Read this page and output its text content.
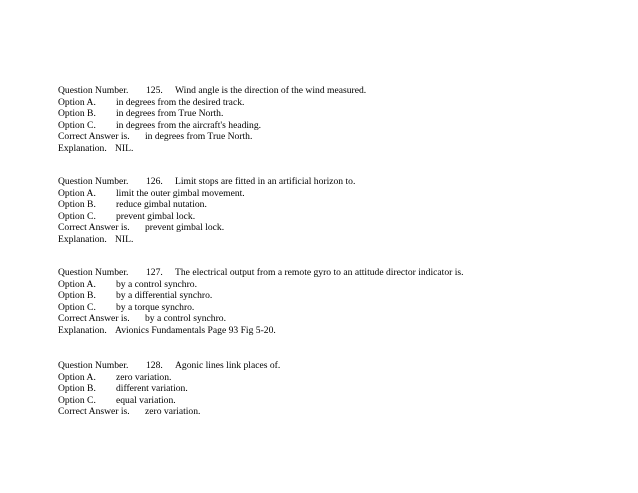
Question Number. 125. Wind angle is the direction of the wind measured.
Option A. in degrees from the desired track.
Option B. in degrees from True North.
Option C. in degrees from the aircraft's heading.
Correct Answer is. in degrees from True North.
Explanation. NIL.
Question Number. 126. Limit stops are fitted in an artificial horizon to.
Option A. limit the outer gimbal movement.
Option B. reduce gimbal nutation.
Option C. prevent gimbal lock.
Correct Answer is. prevent gimbal lock.
Explanation. NIL.
Question Number. 127. The electrical output from a remote gyro to an attitude director indicator is.
Option A. by a control synchro.
Option B. by a differential synchro.
Option C. by a torque synchro.
Correct Answer is. by a control synchro.
Explanation. Avionics Fundamentals Page 93 Fig 5-20.
Question Number. 128. Agonic lines link places of.
Option A. zero variation.
Option B. different variation.
Option C. equal variation.
Correct Answer is. zero variation.
